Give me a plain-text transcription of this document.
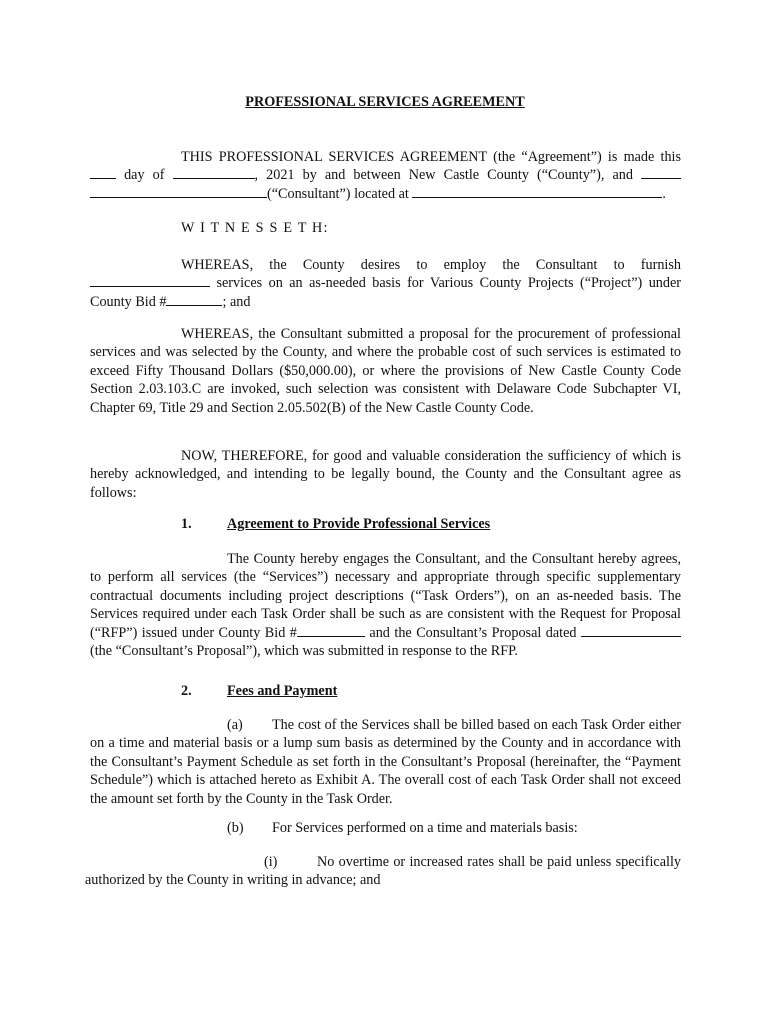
PROFESSIONAL SERVICES AGREEMENT
THIS PROFESSIONAL SERVICES AGREEMENT (the “Agreement”) is made this  day of	, 2021 by and between New Castle County (“County”), and  (“Consultant”) located at	.
W I T N E S S E T H:
WHEREAS, the County desires to employ the Consultant to furnish  services on an as-needed basis for Various County Projects (“Project”) under County Bid #	; and
WHEREAS, the Consultant submitted a proposal for the procurement of professional services and was selected by the County, and where the probable cost of such services is estimated to exceed Fifty Thousand Dollars ($50,000.00), or where the provisions of New Castle County Code Section 2.03.103.C are invoked, such selection was consistent with Delaware Code Subchapter VI, Chapter 69, Title 29 and Section 2.05.502(B) of the New Castle County Code.
NOW, THEREFORE, for good and valuable consideration the sufficiency of which is hereby acknowledged, and intending to be legally bound, the County and the Consultant agree as follows:
1. Agreement to Provide Professional Services
The County hereby engages the Consultant, and the Consultant hereby agrees, to perform all services (the “Services”) necessary and appropriate through specific supplementary contractual documents including project descriptions (“Task Orders”), on an as-needed basis. The Services required under each Task Order shall be such as are consistent with the Request for Proposal (“RFP”) issued under County Bid #	and the Consultant’s Proposal dated  (the “Consultant’s Proposal”), which was submitted in response to the RFP.
2. Fees and Payment
(a) The cost of the Services shall be billed based on each Task Order either on a time and material basis or a lump sum basis as determined by the County and in accordance with the Consultant’s Payment Schedule as set forth in the Consultant’s Proposal (hereinafter, the “Payment Schedule”) which is attached hereto as Exhibit A. The overall cost of each Task Order shall not exceed the amount set forth by the County in the Task Order.
(b) For Services performed on a time and materials basis:
(i)	No overtime or increased rates shall be paid unless specifically authorized by the County in writing in advance; and
